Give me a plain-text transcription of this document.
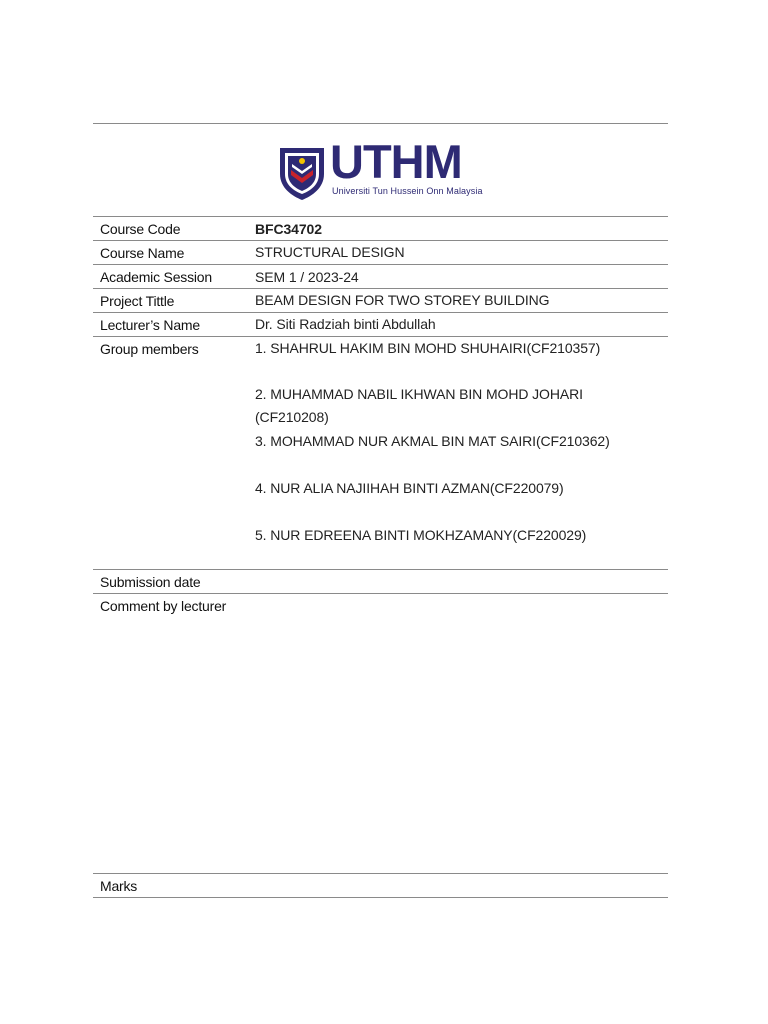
UTHM
Universiti Tun Hussein Onn Malaysia
Course Code	BFC34702
Course Name	STRUCTURAL DESIGN
Academic Session	SEM 1 / 2023-24
Project Tittle	BEAM DESIGN FOR TWO STOREY BUILDING
Lecturer’s Name	Dr. Siti Radziah binti Abdullah
Group members	1. SHAHRUL HAKIM BIN MOHD SHUHAIRI(CF210357)
2. MUHAMMAD NABIL IKHWAN BIN MOHD JOHARI
(CF210208)
3. MOHAMMAD NUR AKMAL BIN MAT SAIRI(CF210362)
4. NUR ALIA NAJIIHAH BINTI AZMAN(CF220079)
5. NUR EDREENA BINTI MOKHZAMANY(CF220029)
Submission date
Comment by lecturer
Marks
